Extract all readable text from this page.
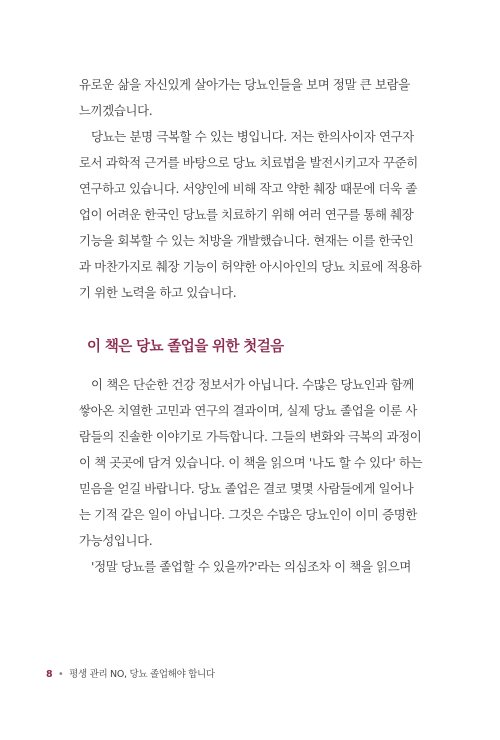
유로운 삶을 자신있게 살아가는 당뇨인들을 보며 정말 큰 보람을
느끼겠습니다.
　당뇨는 분명 극복할 수 있는 병입니다. 저는 한의사이자 연구자
로서 과학적 근거를 바탕으로 당뇨 치료법을 발전시키고자 꾸준히
연구하고 있습니다. 서양인에 비해 작고 약한 췌장 때문에 더욱 졸
업이 어려운 한국인 당뇨를 치료하기 위해 여러 연구를 통해 췌장
기능을 회복할 수 있는 처방을 개발했습니다. 현재는 이를 한국인
과 마찬가지로 췌장 기능이 허약한 아시아인의 당뇨 치료에 적용하
기 위한 노력을 하고 있습니다.
이 책은 당뇨 졸업을 위한 첫걸음
　이 책은 단순한 건강 정보서가 아닙니다. 수많은 당뇨인과 함께
쌓아온 치열한 고민과 연구의 결과이며, 실제 당뇨 졸업을 이룬 사
람들의 진솔한 이야기로 가득합니다. 그들의 변화와 극복의 과정이
이 책 곳곳에 담겨 있습니다. 이 책을 읽으며 '나도 할 수 있다' 하는
믿음을 얻길 바랍니다. 당뇨 졸업은 결코 몇몇 사람들에게 일어나
는 기적 같은 일이 아닙니다. 그것은 수많은 당뇨인이 이미 증명한
가능성입니다.
　'정말 당뇨를 졸업할 수 있을까?'라는 의심조차 이 책을 읽으며
8 • 평생 관리 NO, 당뇨 졸업해야 합니다
